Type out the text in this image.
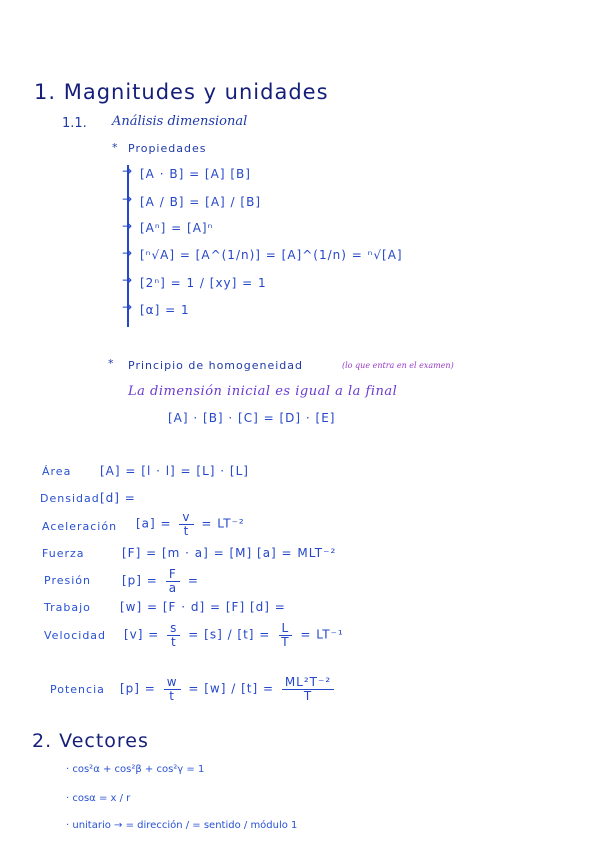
1. Magnitudes y unidades
1.1. Análisis dimensional
* Propiedades
→ [A · B] = [A] [B]
→ [A / B] = [A] / [B]
→ [Aⁿ] = [A]ⁿ
→ [ⁿ√A] = [A^(1/n)] = [A]^(1/n) = ⁿ√[A]
→ [2ⁿ] = 1 / [xy] = 1
→ [α] = 1
* Principio de homogeneidad	(lo que entra en el examen)
La dimensión inicial es igual a la final
[A] · [B] · [C] = [D] · [E]
Área [A] = [l · l] = [L] · [L]
Densidad [d] =
Aceleración $[a] = \frac{v}{t} = LT^{-2}$
Fuerza	[F] = [m · a] = [M] [a] = MLT⁻²
Presión	$[p] = \frac{F}{a}$ =
Trabajo [w] = [F · d] = [F] [d] =
Velocidad $[v] = \frac{s}{t} = [s] / [t] = \frac{L}{T} = LT^{-1}$
Potencia $[p] = \frac{w}{t} = [w] / [t] = \frac{\text{ML²T⁻²}}{T}$
2. Vectores
· cos²α + cos²β + cos²γ = 1
· cosα = x / r
· unitario → = dirección / = sentido / módulo 1
